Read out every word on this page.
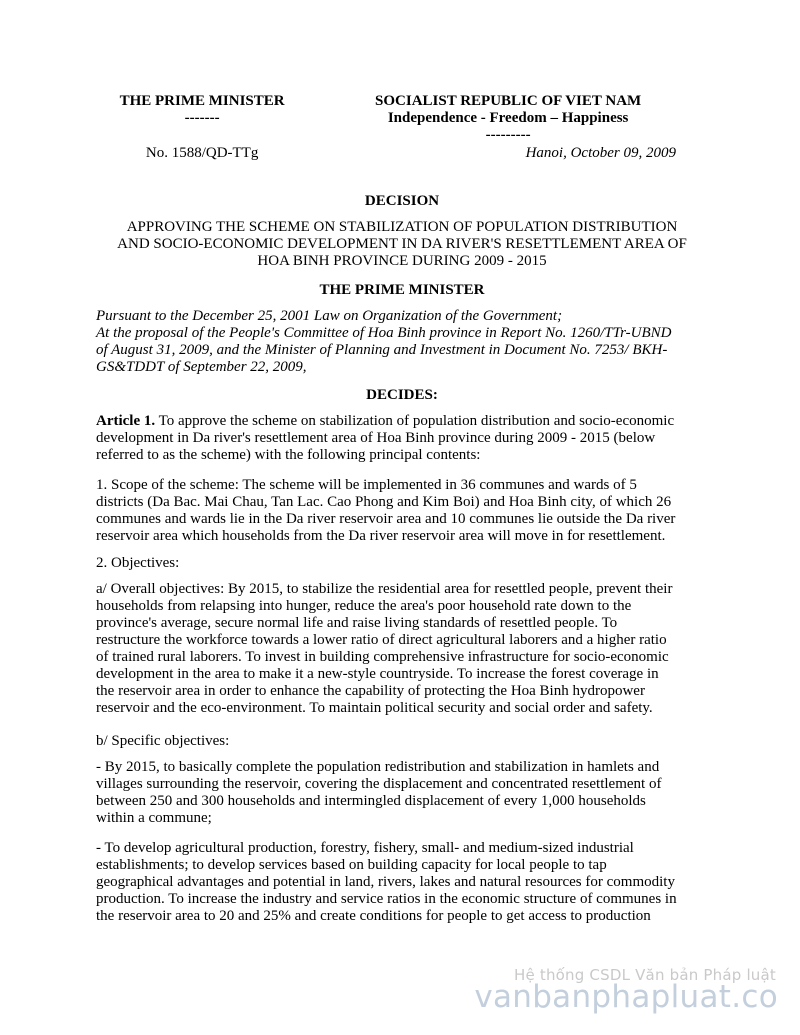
THE PRIME MINISTER	SOCIALIST REPUBLIC OF VIET NAM
-------	Independence - Freedom – Happiness
	---------
No. 1588/QD-TTg	Hanoi, October 09, 2009
DECISION
APPROVING THE SCHEME ON STABILIZATION OF POPULATION DISTRIBUTION
AND SOCIO-ECONOMIC DEVELOPMENT IN DA RIVER'S RESETTLEMENT AREA OF
HOA BINH PROVINCE DURING 2009 - 2015
THE PRIME MINISTER
Pursuant to the December 25, 2001 Law on Organization of the Government;
At the proposal of the People's Committee of Hoa Binh province in Report No. 1260/TTr-UBND
of August 31, 2009, and the Minister of Planning and Investment in Document No. 7253/ BKH-
GS&TDDT of September 22, 2009,
DECIDES:
Article 1. To approve the scheme on stabilization of population distribution and socio-economic
development in Da river's resettlement area of Hoa Binh province during 2009 - 2015 (below
referred to as the scheme) with the following principal contents:
1. Scope of the scheme: The scheme will be implemented in 36 communes and wards of 5
districts (Da Bac. Mai Chau, Tan Lac. Cao Phong and Kim Boi) and Hoa Binh city, of which 26
communes and wards lie in the Da river reservoir area and 10 communes lie outside the Da river
reservoir area which households from the Da river reservoir area will move in for resettlement.
2. Objectives:
a/ Overall objectives: By 2015, to stabilize the residential area for resettled people, prevent their
households from relapsing into hunger, reduce the area's poor household rate down to the
province's average, secure normal life and raise living standards of resettled people. To
restructure the workforce towards a lower ratio of direct agricultural laborers and a higher ratio
of trained rural laborers. To invest in building comprehensive infrastructure for socio-economic
development in the area to make it a new-style countryside. To increase the forest coverage in
the reservoir area in order to enhance the capability of protecting the Hoa Binh hydropower
reservoir and the eco-environment. To maintain political security and social order and safety.
b/ Specific objectives:
- By 2015, to basically complete the population redistribution and stabilization in hamlets and
villages surrounding the reservoir, covering the displacement and concentrated resettlement of
between 250 and 300 households and intermingled displacement of every 1,000 households
within a commune;
- To develop agricultural production, forestry, fishery, small- and medium-sized industrial
establishments; to develop services based on building capacity for local people to tap
geographical advantages and potential in land, rivers, lakes and natural resources for commodity
production. To increase the industry and service ratios in the economic structure of communes in
the reservoir area to 20 and 25% and create conditions for people to get access to production
Hệ thống CSDL Văn bản Pháp luật
vanbanphapluat.co
